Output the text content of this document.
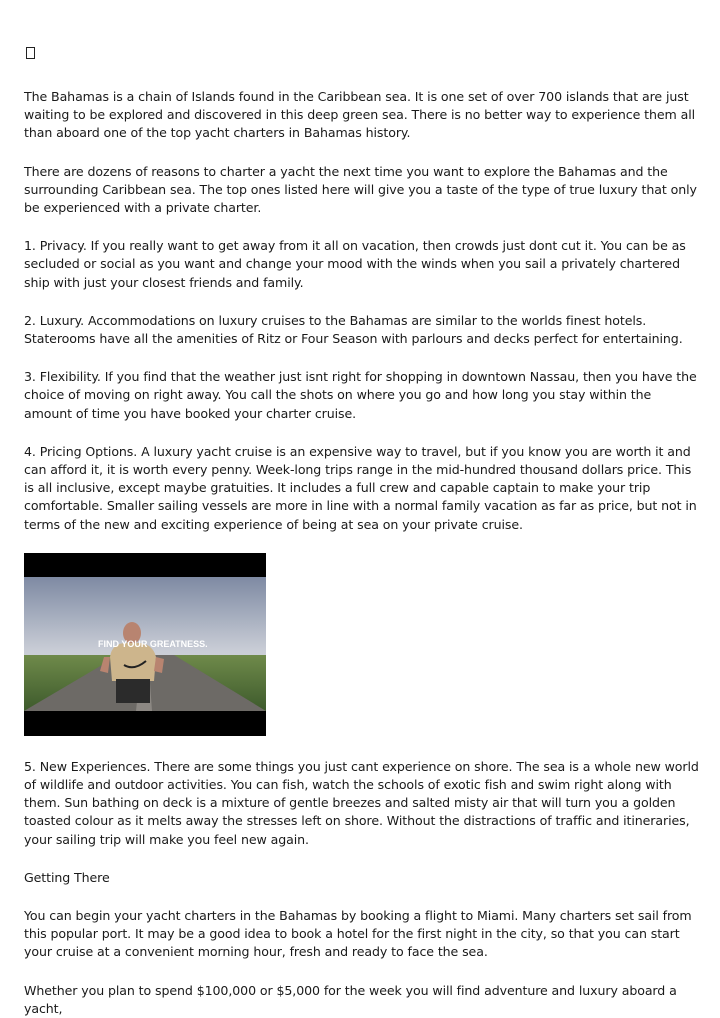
The Bahamas is a chain of Islands found in the Caribbean sea. It is one set of over 700 islands that are just waiting to be explored and discovered in this deep green sea. There is no better way to experience them all than aboard one of the top yacht charters in Bahamas history.

There are dozens of reasons to charter a yacht the next time you want to explore the Bahamas and the surrounding Caribbean sea. The top ones listed here will give you a taste of the type of true luxury that only be experienced with a private charter.

1. Privacy. If you really want to get away from it all on vacation, then crowds just dont cut it. You can be as secluded or social as you want and change your mood with the winds when you sail a privately chartered ship with just your closest friends and family.

2. Luxury. Accommodations on luxury cruises to the Bahamas are similar to the worlds finest hotels. Staterooms have all the amenities of Ritz or Four Season with parlours and decks perfect for entertaining.

3. Flexibility. If you find that the weather just isnt right for shopping in downtown Nassau, then you have the choice of moving on right away. You call the shots on where you go and how long you stay within the amount of time you have booked your charter cruise.

4. Pricing Options. A luxury yacht cruise is an expensive way to travel, but if you know you are worth it and can afford it, it is worth every penny. Week-long trips range in the mid-hundred thousand dollars price. This is all inclusive, except maybe gratuities. It includes a full crew and capable captain to make your trip comfortable. Smaller sailing vessels are more in line with a normal family vacation as far as price, but not in terms of the new and exciting experience of being at sea on your private cruise.

FIND YOUR GREATNESS.

5. New Experiences. There are some things you just cant experience on shore. The sea is a whole new world of wildlife and outdoor activities. You can fish, watch the schools of exotic fish and swim right along with them. Sun bathing on deck is a mixture of gentle breezes and salted misty air that will turn you a golden toasted colour as it melts away the stresses left on shore. Without the distractions of traffic and itineraries, your sailing trip will make you feel new again.

Getting There

You can begin your yacht charters in the Bahamas by booking a flight to Miami. Many charters set sail from this popular port. It may be a good idea to book a hotel for the first night in the city, so that you can start your cruise at a convenient morning hour, fresh and ready to face the sea.

Whether you plan to spend $100,000 or $5,000 for the week you will find adventure and luxury aboard a yacht,
